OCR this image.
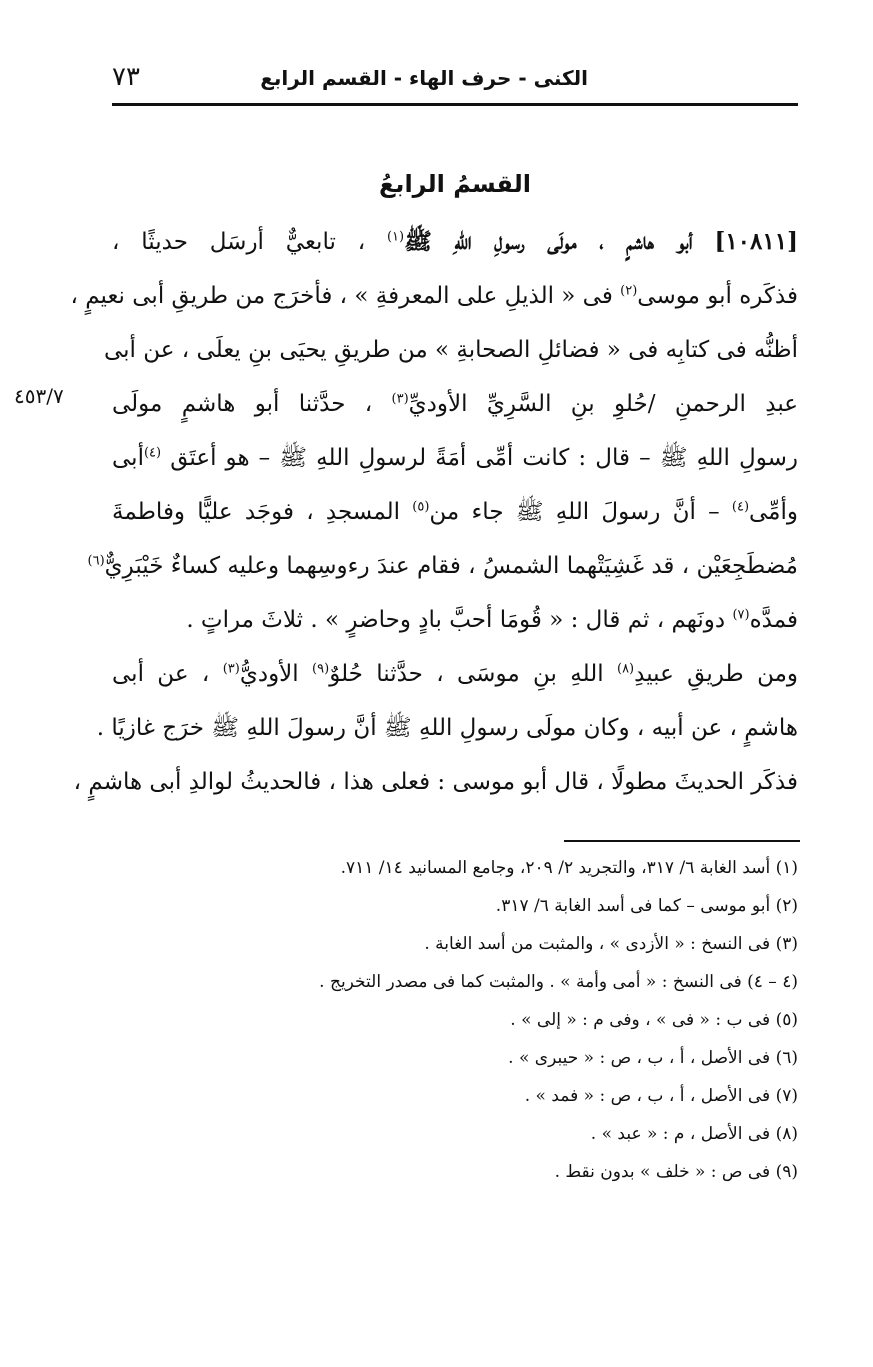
الكنى - حرف الهاء - القسم الرابع
٧٣
القسمُ الرابعُ
[١٠٨١١] أبو هاشمٍ ، مولَى رسولِ اللهِ ﷺ$^{(١)}$ ، تابعيٌّ أرسَل حديثًا ،
فذكَره أبو موسى$^{(٢)}$ فى « الذيلِ على المعرفةِ » ، فأخرَج من طريقِ أبى نعيمٍ ،
أظنُّه فى كتابِه فى « فضائلِ الصحابةِ » من طريقِ يحيَى بنِ يعلَى ، عن أبى
عبدِ الرحمنِ /حُلوِ بنِ السَّرِيِّ الأوديِّ$^{(٣)}$ ، حدَّثنا أبو هاشمٍ مولَى
٤٥٣/٧
رسولِ اللهِ ﷺ – قال : كانت أمِّى أمَةً لرسولِ اللهِ ﷺ – هو أعتَق $^{(٤)}$أبى
وأمِّى$^{(٤)}$ – أنَّ رسولَ اللهِ ﷺ جاء من$^{(٥)}$ المسجدِ ، فوجَد عليًّا وفاطمةَ
مُضطَجِعَيْن ، قد غَشِيَتْهما الشمسُ ، فقام عندَ رءوسِهما وعليه كساءٌ خَيْبَرِيٌّ$^{(٦)}$
فمدَّه$^{(٧)}$ دونَهم ، ثم قال : « قُومَا أحبَّ بادٍ وحاضرٍ » . ثلاثَ مراتٍ .
ومن طريقِ عبيدِ$^{(٨)}$ اللهِ بنِ موسَى ، حدَّثنا حُلوٌ$^{(٩)}$ الأوديُّ$^{(٣)}$ ، عن أبى
هاشمٍ ، عن أبيه ، وكان مولَى رسولِ اللهِ ﷺ أنَّ رسولَ اللهِ ﷺ خرَج غازيًا .
فذكَر الحديثَ مطولًا ، قال أبو موسى : فعلى هذا ، فالحديثُ لوالدِ أبى هاشمٍ ،
(١) أسد الغابة ٦/ ٣١٧، والتجريد ٢/ ٢٠٩، وجامع المسانيد ١٤/ ٧١١.
(٢) أبو موسى – كما فى أسد الغابة ٦/ ٣١٧.
(٣) فى النسخ : « الأزدى » ، والمثبت من أسد الغابة .
(٤ – ٤) فى النسخ : « أمى وأمة » . والمثبت كما فى مصدر التخريج .
(٥) فى ب : « فى » ، وفى م : « إلى » .
(٦) فى الأصل ، أ ، ب ، ص : « حيبرى » .
(٧) فى الأصل ، أ ، ب ، ص : « فمد » .
(٨) فى الأصل ، م : « عبد » .
(٩) فى ص : « خلف » بدون نقط .
